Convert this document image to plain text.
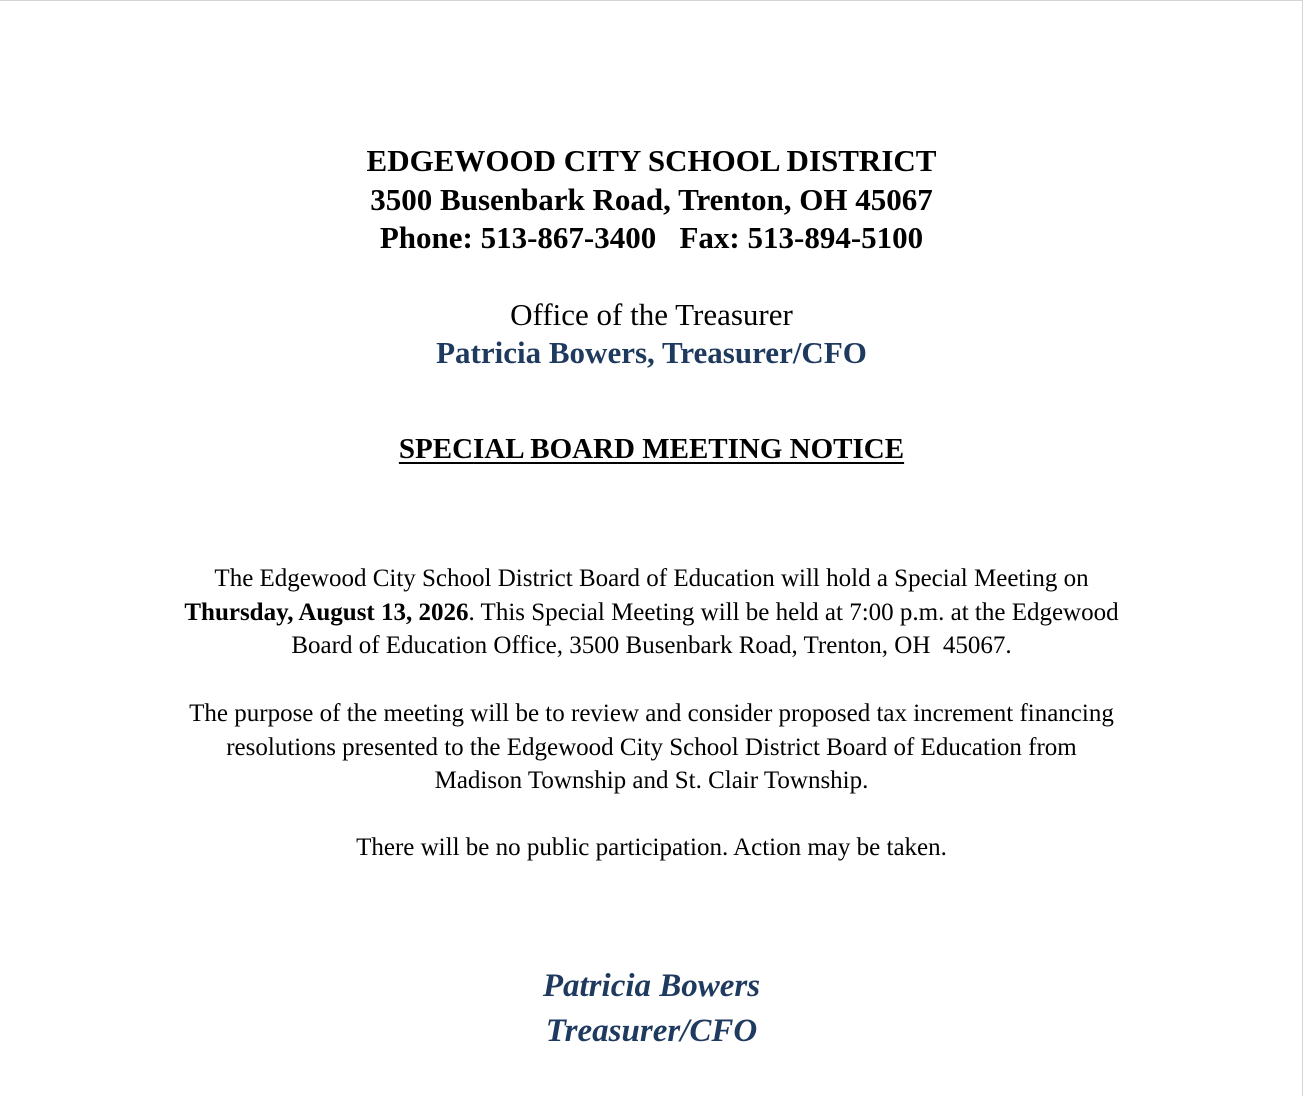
EDGEWOOD CITY SCHOOL DISTRICT
3500 Busenbark Road, Trenton, OH 45067
Phone: 513-867-3400   Fax: 513-894-5100
Office of the Treasurer
Patricia Bowers, Treasurer/CFO
SPECIAL BOARD MEETING NOTICE
The Edgewood City School District Board of Education will hold a Special Meeting on
Thursday, August 13, 2026. This Special Meeting will be held at 7:00 p.m. at the Edgewood
Board of Education Office, 3500 Busenbark Road, Trenton, OH  45067.
The purpose of the meeting will be to review and consider proposed tax increment financing
resolutions presented to the Edgewood City School District Board of Education from
Madison Township and St. Clair Township.
There will be no public participation. Action may be taken.
Patricia Bowers
Treasurer/CFO
